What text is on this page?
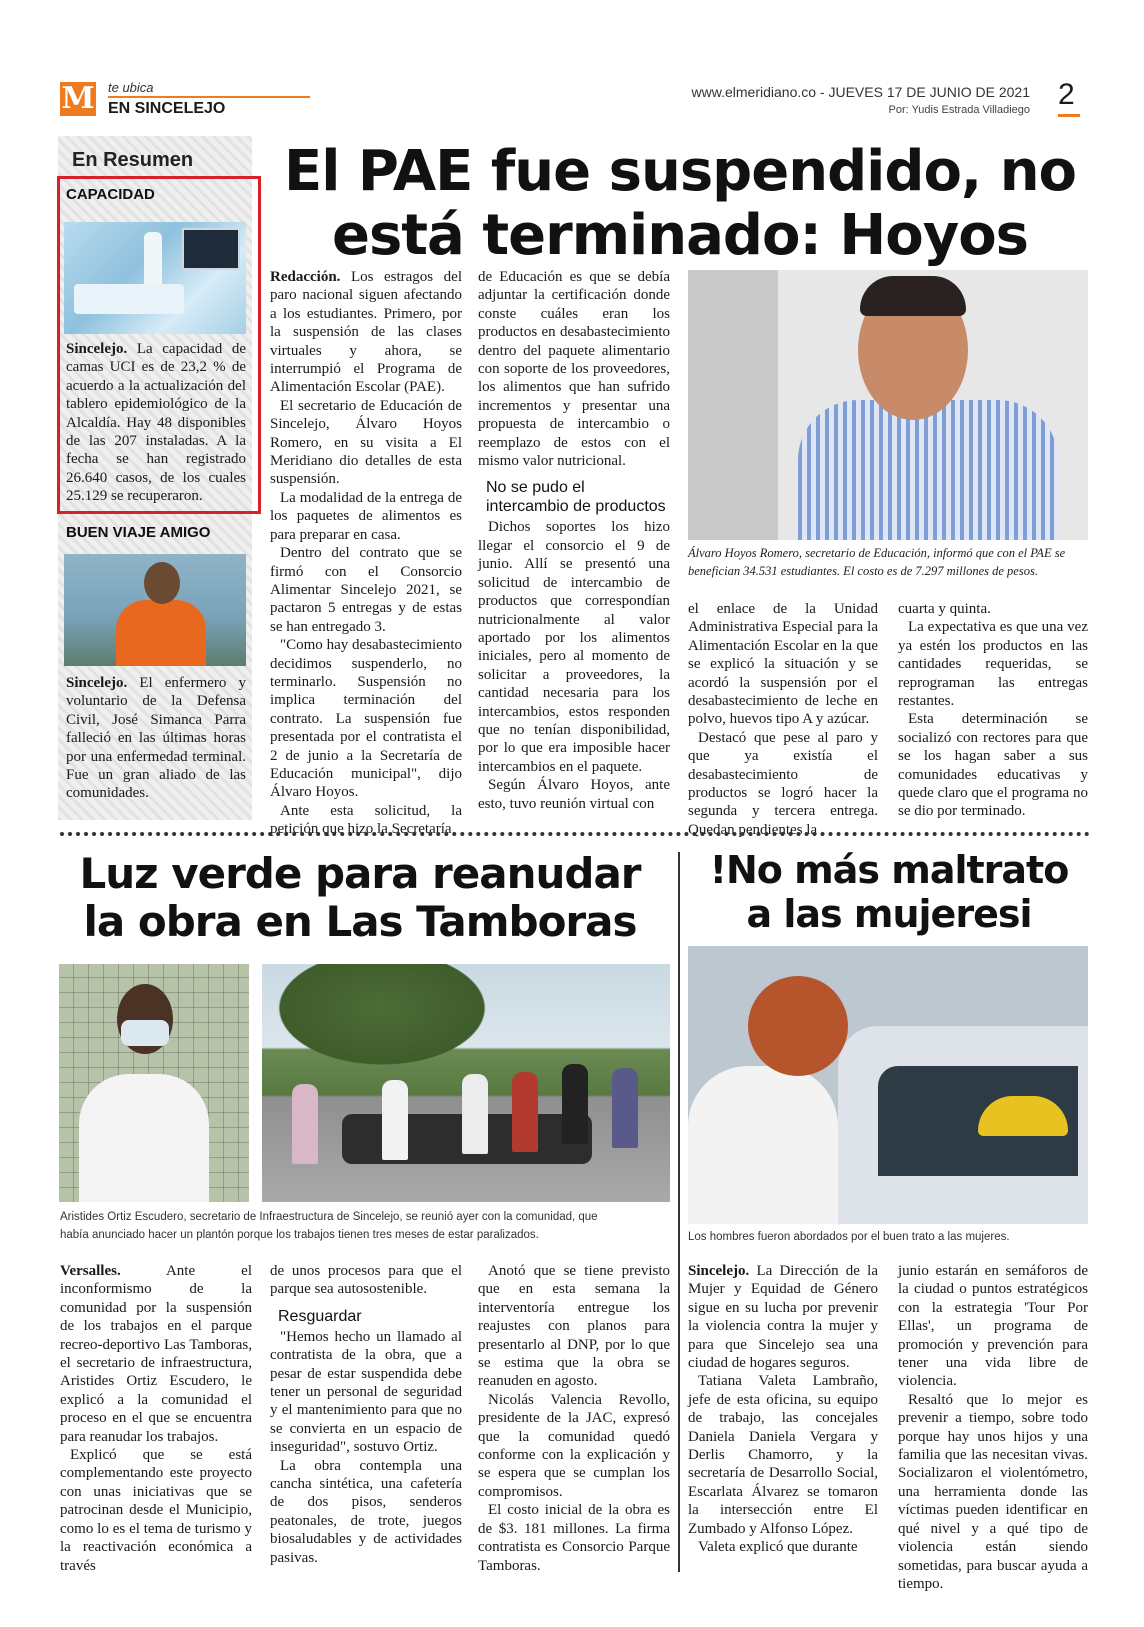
M te ubica
EN SINCELEJO
www.elmeridiano.co - JUEVES 17 DE JUNIO DE 2021
Por: Yudis Estrada Villadiego 2
En Resumen
CAPACIDAD
Sincelejo. La capacidad de camas UCI es de 23,2 % de acuerdo a la actualización del tablero epidemiológico de la Alcaldía. Hay 48 disponibles de las 207 instaladas. A la fecha se han registrado 26.640 casos, de los cuales 25.129 se recuperaron.
BUEN VIAJE AMIGO
Sincelejo. El enfermero y voluntario de la Defensa Civil, José Simanca Parra falleció en las últimas horas por una enfermedad terminal. Fue un gran aliado de las comunidades.
El PAE fue suspendido, no
está terminado: Hoyos

Redacción. Los estragos del paro nacional siguen afectando a los estudiantes. Primero, por la suspensión de las clases virtuales y ahora, se interrumpió el Programa de Alimentación Escolar (PAE).

El secretario de Educación de Sincelejo, Álvaro Hoyos Romero, en su visita a El Meridiano dio detalles de esta suspensión.

La modalidad de la entrega de los paquetes de alimentos es para preparar en casa.

Dentro del contrato que se firmó con el Consorcio Alimentar Sincelejo 2021, se pactaron 5 entregas y de estas se han entregado 3.

"Como hay desabastecimiento decidimos suspenderlo, no terminarlo. Suspensión no implica terminación del contrato. La suspensión fue presentada por el contratista el 2 de junio a la Secretaría de Educación municipal", dijo Álvaro Hoyos.

Ante esta solicitud, la petición que hizo la Secretaría

de Educación es que se debía adjuntar la certificación donde conste cuáles eran los productos en desabastecimiento dentro del paquete alimentario con soporte de los proveedores, los alimentos que han sufrido incrementos y presentar una propuesta de intercambio o reemplazo de estos con el mismo valor nutricional.

No se pudo el intercambio de productos

Dichos soportes los hizo llegar el consorcio el 9 de junio. Allí se presentó una solicitud de intercambio de productos que correspondían nutricionalmente al valor aportado por los alimentos iniciales, pero al momento de solicitar a proveedores, la cantidad necesaria para los intercambios, estos responden que no tenían disponibilidad, por lo que era imposible hacer intercambios en el paquete.

Según Álvaro Hoyos, ante esto, tuvo reunión virtual con

Álvaro Hoyos Romero, secretario de Educación, informó que con el PAE se benefician 34.531 estudiantes. El costo es de 7.297 millones de pesos.

el enlace de la Unidad Administrativa Especial para la Alimentación Escolar en la que se explicó la situación y se acordó la suspensión por el desabastecimiento de leche en polvo, huevos tipo A y azúcar.

Destacó que pese al paro y que ya existía el desabastecimiento de productos se logró hacer la segunda y tercera entrega. Quedan pendientes la

cuarta y quinta.

La expectativa es que una vez ya estén los productos en las cantidades requeridas, se reprograman las entregas restantes.

Esta determinación se socializó con rectores para que se los hagan saber a sus comunidades educativas y quede claro que el programa no se dio por terminado.

Luz verde para reanudar
la obra en Las Tamboras
Aristides Ortiz Escudero, secretario de Infraestructura de Sincelejo, se reunió ayer con la comunidad, que
había anunciado hacer un plantón porque los trabajos tienen tres meses de estar paralizados.

Versalles. Ante el inconformismo de la comunidad por la suspensión de los trabajos en el parque recreo-deportivo Las Tamboras, el secretario de infraestructura, Aristides Ortiz Escudero, le explicó a la comunidad el proceso en el que se encuentra para reanudar los trabajos.

Explicó que se está complementando este proyecto con unas iniciativas que se patrocinan desde el Municipio, como lo es el tema de turismo y la reactivación económica a través

de unos procesos para que el parque sea autosostenible.

Resguardar

"Hemos hecho un llamado al contratista de la obra, que a pesar de estar suspendida debe tener un personal de seguridad y el mantenimiento para que no se convierta en un espacio de inseguridad", sostuvo Ortiz.

La obra contempla una cancha sintética, una cafetería de dos pisos, senderos peatonales, de trote, juegos biosaludables y de actividades pasivas.

Anotó que se tiene previsto que en esta semana la interventoría entregue los reajustes con planos para presentarlo al DNP, por lo que se estima que la obra se reanuden en agosto.

Nicolás Valencia Revollo, presidente de la JAC, expresó que la comunidad quedó conforme con la explicación y se espera que se cumplan los compromisos.

El costo inicial de la obra es de $3. 181 millones. La firma contratista es Consorcio Parque Tamboras.

!No más maltrato
a las mujeresi
Los hombres fueron abordados por el buen trato a las mujeres.

Sincelejo. La Dirección de la Mujer y Equidad de Género sigue en su lucha por prevenir la violencia contra la mujer y para que Sincelejo sea una ciudad de hogares seguros.

Tatiana Valeta Lambraño, jefe de esta oficina, su equipo de trabajo, las concejales Daniela Daniela Vergara y Derlis Chamorro, y la secretaría de Desarrollo Social, Escarlata Álvarez se tomaron la intersección entre El Zumbado y Alfonso López.

Valeta explicó que durante

junio estarán en semáforos de la ciudad o puntos estratégicos con la estrategia 'Tour Por Ellas', un programa de promoción y prevención para tener una vida libre de violencia.

Resaltó que lo mejor es prevenir a tiempo, sobre todo porque hay unos hijos y una familia que las necesitan vivas. Socializaron el violentómetro, una herramienta donde las víctimas pueden identificar en qué nivel y a qué tipo de violencia están siendo sometidas, para buscar ayuda a tiempo.
